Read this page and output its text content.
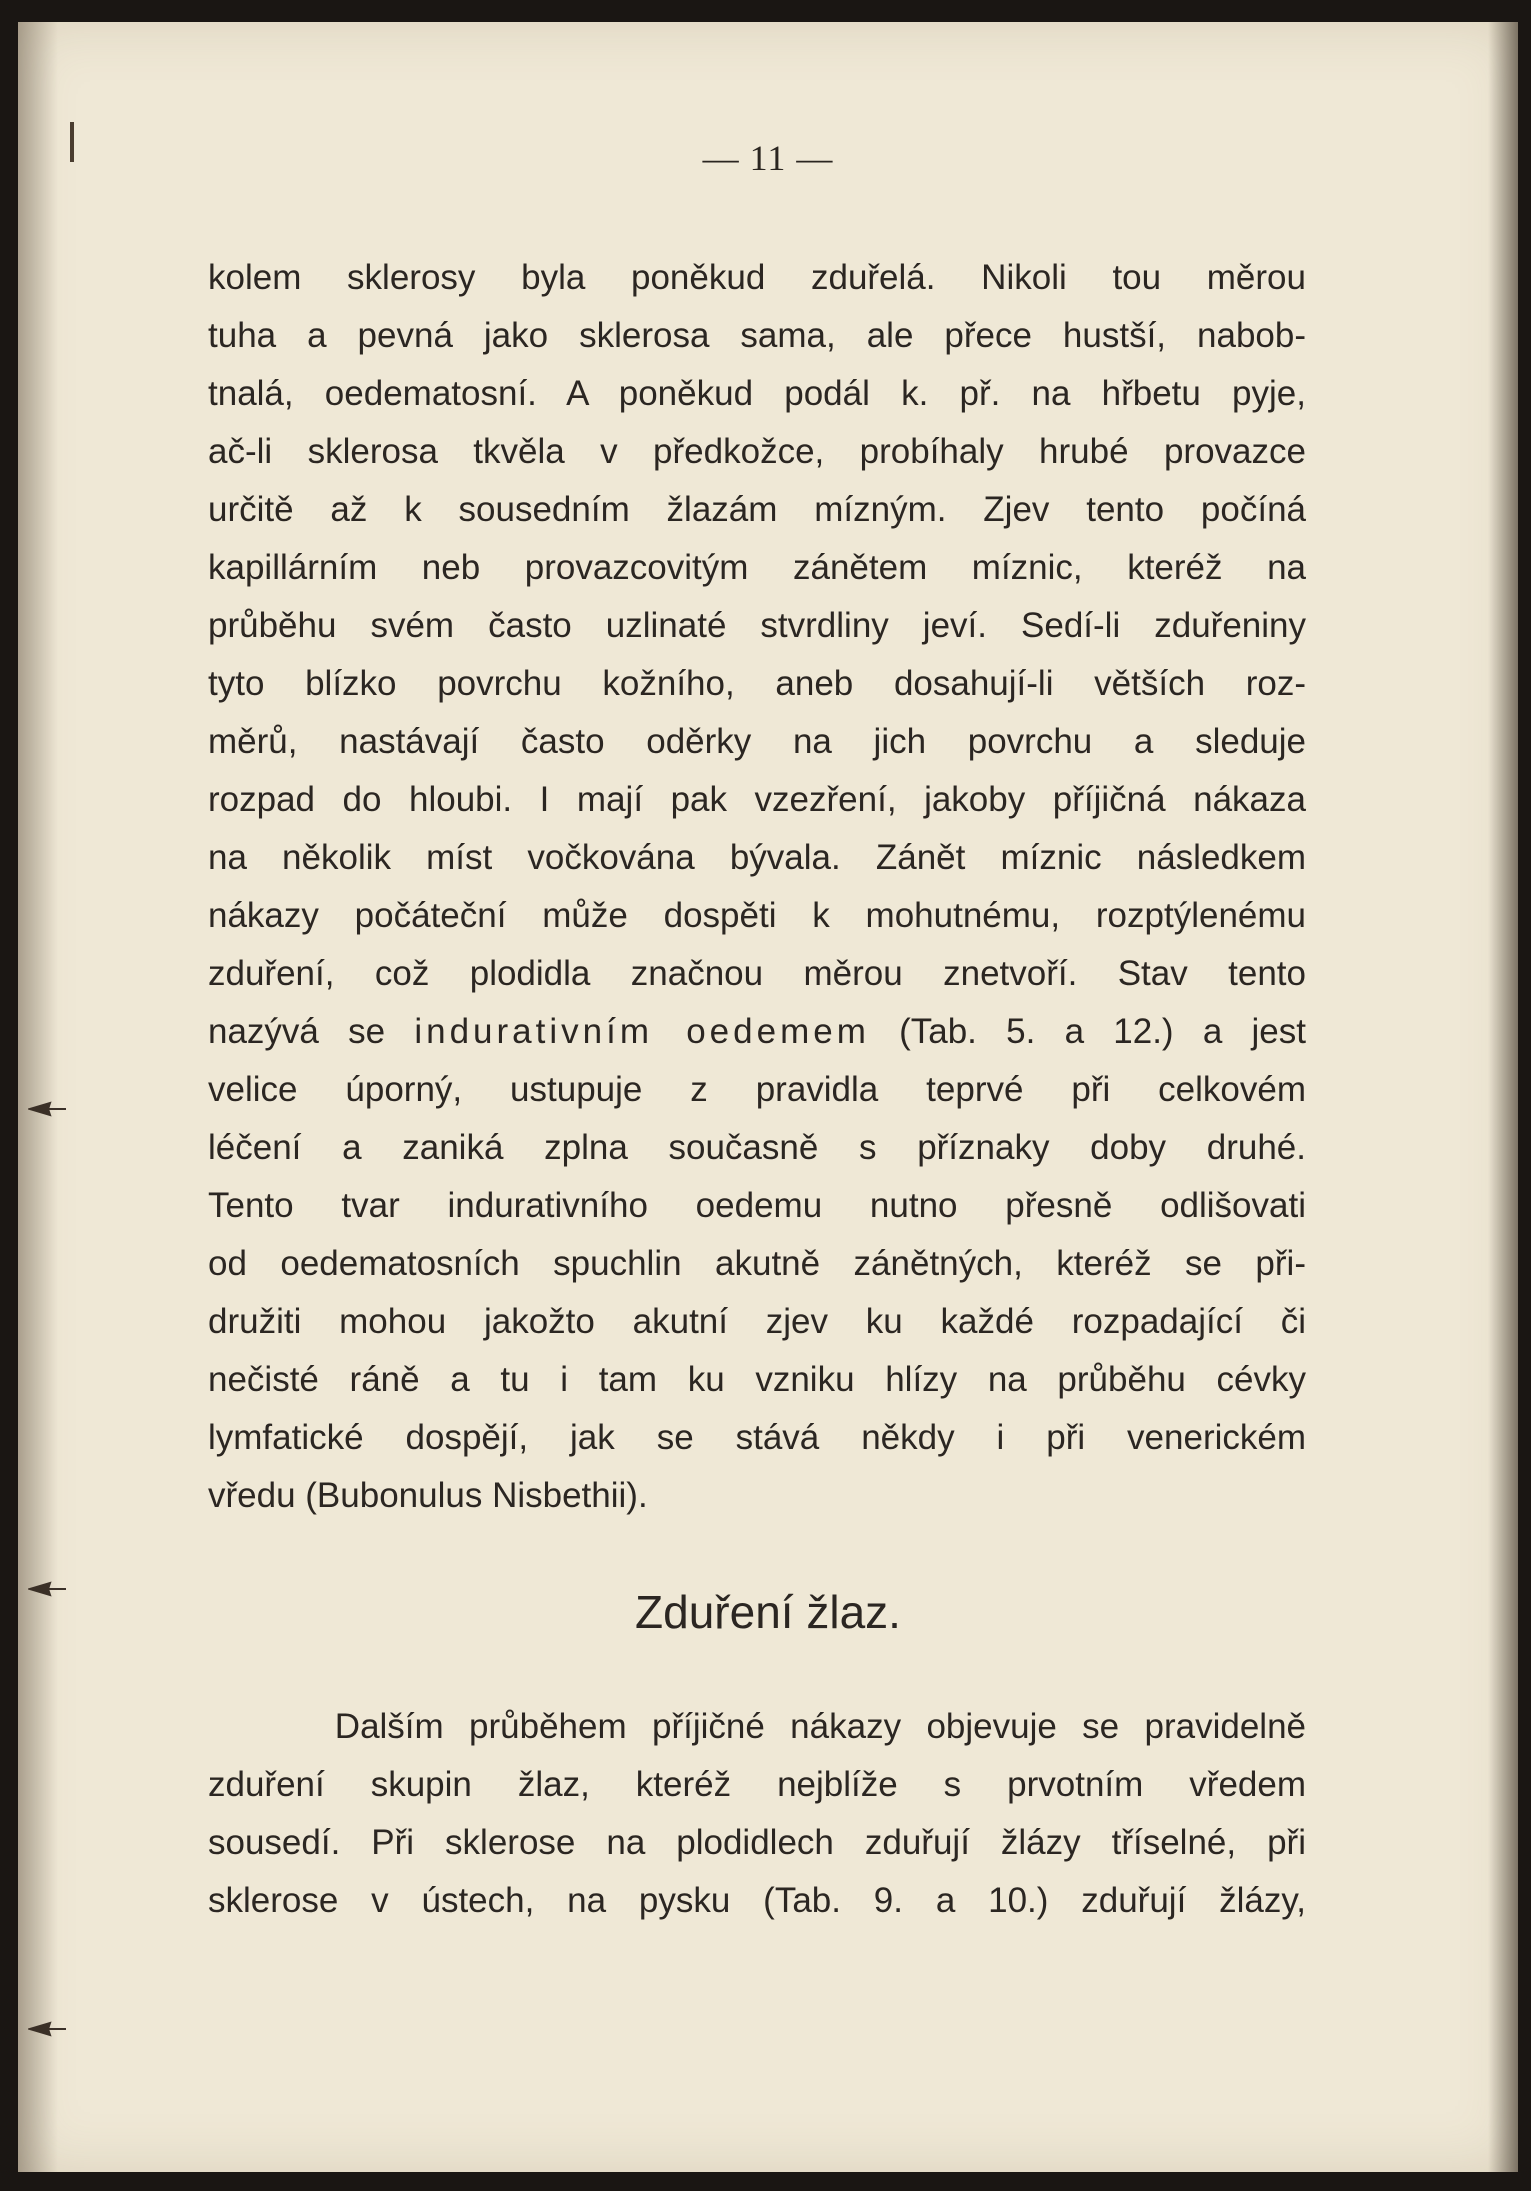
— 11 —
kolem sklerosy byla poněkud zduřelá. Nikoli tou měrou
tuha a pevná jako sklerosa sama, ale přece hustší, nabob-
tnalá, oedematosní. A poněkud podál k. př. na hřbetu pyje,
ač-li sklerosa tkvěla v předkožce, probíhaly hrubé provazce
určitě až k sousedním žlazám mízným. Zjev tento počíná
kapillárním neb provazcovitým zánětem míznic, kteréž na
průběhu svém často uzlinaté stvrdliny jeví. Sedí-li zduřeniny
tyto blízko povrchu kožního, aneb dosahují-li větších roz-
měrů, nastávají často oděrky na jich povrchu a sleduje
rozpad do hloubi. I mají pak vzezření, jakoby příjičná nákaza
na několik míst vočkována bývala. Zánět míznic následkem
nákazy počáteční může dospěti k mohutnému, rozptýlenému
zduření, což plodidla značnou měrou znetvoří. Stav tento
nazývá se indurativním oedemem (Tab. 5. a 12.) a jest
velice úporný, ustupuje z pravidla teprvé při celkovém
léčení a zaniká zplna současně s příznaky doby druhé.
Tento tvar indurativního oedemu nutno přesně odlišovati
od oedematosních spuchlin akutně zánětných, kteréž se při-
družiti mohou jakožto akutní zjev ku každé rozpadající či
nečisté ráně a tu i tam ku vzniku hlízy na průběhu cévky
lymfatické dospějí, jak se stává někdy i při venerickém
vředu (Bubonulus Nisbethii).
Zduření žlaz.
Dalším průběhem příjičné nákazy objevuje se pravidelně
zduření skupin žlaz, kteréž nejblíže s prvotním vředem
sousedí. Při sklerose na plodidlech zduřují žlázy tříselné, při
sklerose v ústech, na pysku (Tab. 9. a 10.) zduřují žlázy,
